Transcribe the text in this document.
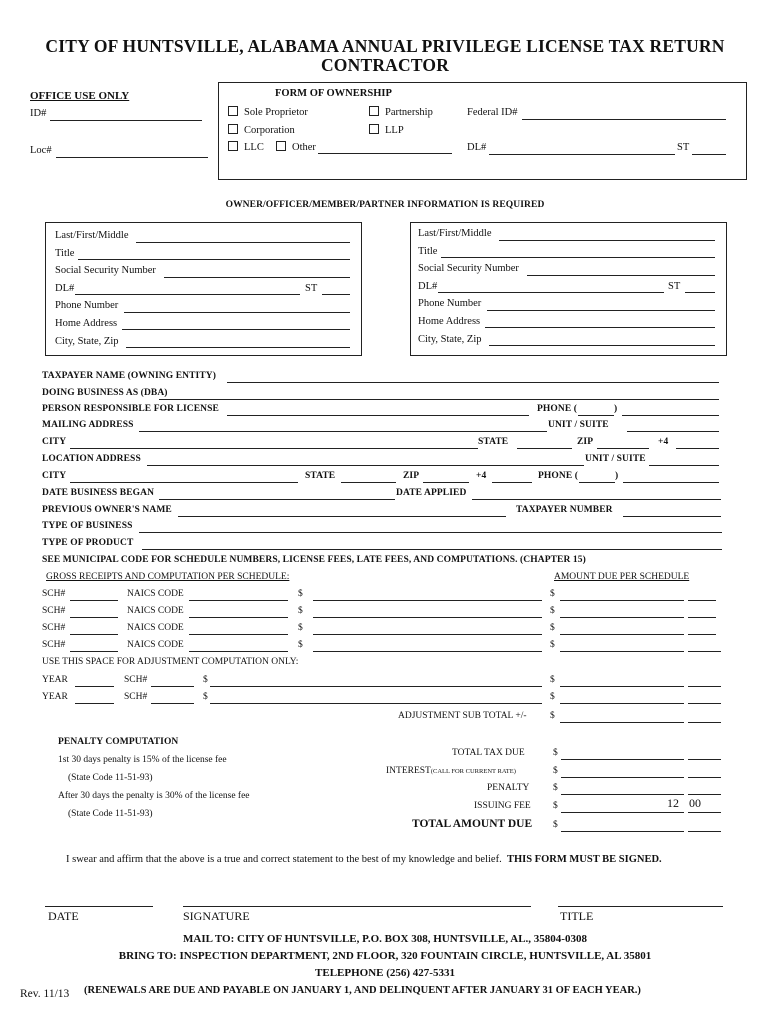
CITY OF HUNTSVILLE, ALABAMA ANNUAL PRIVILEGE LICENSE TAX RETURN
CONTRACTOR
OFFICE USE ONLY
ID#
Loc#
FORM OF OWNERSHIP
Sole Proprietor	Partnership	Federal ID#
Corporation	LLP
LLC	Other	DL#	ST
OWNER/OFFICER/MEMBER/PARTNER INFORMATION IS REQUIRED
Last/First/Middle
Title
Social Security Number
DL#	ST
Phone Number
Home Address
City, State, Zip
Last/First/Middle
Title
Social Security Number
DL#	ST
Phone Number
Home Address
City, State, Zip
TAXPAYER NAME (OWNING ENTITY)
DOING BUSINESS AS (DBA)
PERSON RESPONSIBLE FOR LICENSE	PHONE (	)
MAILING ADDRESS	UNIT / SUITE
CITY	STATE	ZIP	+4
LOCATION ADDRESS	UNIT / SUITE
CITY	STATE	ZIP	+4	PHONE (	)
DATE BUSINESS BEGAN	DATE APPLIED
PREVIOUS OWNER'S NAME	TAXPAYER NUMBER
TYPE OF BUSINESS
TYPE OF PRODUCT
SEE MUNICIPAL CODE FOR SCHEDULE NUMBERS, LICENSE FEES, LATE FEES, AND COMPUTATIONS. (CHAPTER 15)
GROSS RECEIPTS AND COMPUTATION PER SCHEDULE:	AMOUNT DUE PER SCHEDULE
SCH#	NAICS CODE	$	$
SCH#	NAICS CODE	$	$
SCH#	NAICS CODE	$	$
SCH#	NAICS CODE	$	$
USE THIS SPACE FOR ADJUSTMENT COMPUTATION ONLY:
YEAR	SCH#	$	$
YEAR	SCH#	$	$
ADJUSTMENT SUB TOTAL +/- $
PENALTY COMPUTATION
1st 30 days penalty is 15% of the license fee
(State Code 11-51-93)
After 30 days the penalty is 30% of the license fee
(State Code 11-51-93)
TOTAL TAX DUE	$
INTEREST(CALL FOR CURRENT RATE)	$
PENALTY $
ISSUING FEE $	12 00
TOTAL AMOUNT DUE $
I swear and affirm that the above is a true and correct statement to the best of my knowledge and belief. THIS FORM MUST BE SIGNED.
DATE	SIGNATURE	TITLE
MAIL TO: CITY OF HUNTSVILLE, P.O. BOX 308, HUNTSVILLE, AL., 35804-0308
BRING TO: INSPECTION DEPARTMENT, 2ND FLOOR, 320 FOUNTAIN CIRCLE, HUNTSVILLE, AL 35801
TELEPHONE (256) 427-5331
Rev. 11/13 (RENEWALS ARE DUE AND PAYABLE ON JANUARY 1, AND DELINQUENT AFTER JANUARY 31 OF EACH YEAR.)
